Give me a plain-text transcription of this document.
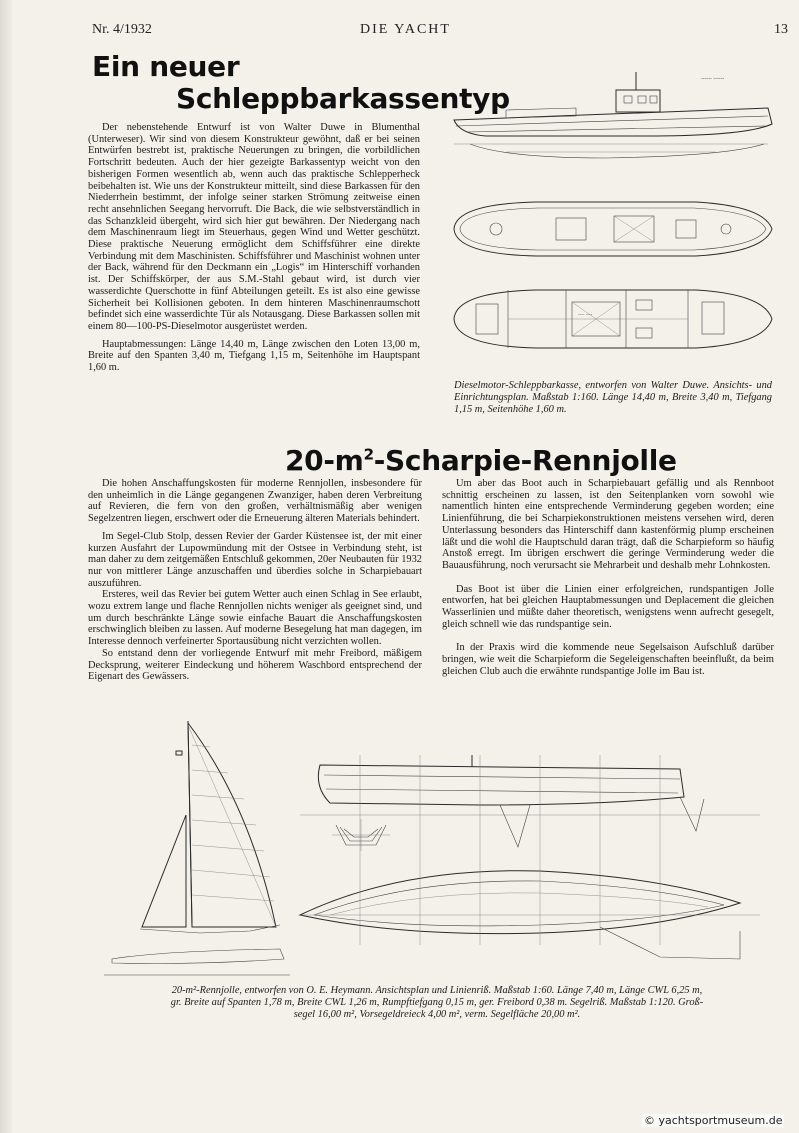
Nr. 4/1932	DIE YACHT	13
Ein neuer
Schleppbarkassentyp

Der nebenstehende Entwurf ist von Walter Duwe in Blumenthal (Unterweser). Wir sind von diesem Konstrukteur gewöhnt, daß er bei seinen Entwürfen bestrebt ist, praktische Neuerungen zu bringen, die vorbildlichen Fortschritt bedeuten. Auch der hier gezeigte Barkassentyp weicht von den bisherigen Formen wesentlich ab, wenn auch das praktische Schlepperheck beibehalten ist. Wie uns der Konstrukteur mitteilt, sind diese Barkassen für den Niederrhein bestimmt, der infolge seiner starken Strömung zeitweise einen recht ansehnlichen Seegang hervorruft. Die Back, die wie selbstverständlich in das Schanzkleid übergeht, wird sich hier gut bewähren. Der Niedergang nach dem Maschinenraum liegt im Steuerhaus, gegen Wind und Wetter geschützt. Diese praktische Neuerung ermöglicht dem Schiffsführer eine direkte Verbindung mit dem Maschinisten. Schiffsführer und Maschinist wohnen unter der Back, während für den Deckmann ein „Logis“ im Hinterschiff vorhanden ist. Der Schiffskörper, der aus S.M.-Stahl gebaut wird, ist durch vier wasserdichte Querschotte in fünf Abteilungen geteilt. Es ist also eine gewisse Sicherheit bei Kollisionen geboten. In dem hinteren Maschinenraumschott befindet sich eine wasserdichte Tür als Notausgang. Diese Barkassen sollen mit einem 80—100-PS-Dieselmotor ausgerüstet werden.

Hauptabmessungen: Länge 14,40 m, Länge zwischen den Loten 13,00 m, Breite auf den Spanten 3,40 m, Tiefgang 1,15 m, Seitenhöhe im Hauptspant 1,60 m.

------ ------
---- ----
Dieselmotor-Schleppbarkasse, entworfen von Walter Duwe. Ansichts- und Einrichtungsplan. Maßstab 1:160. Länge 14,40 m, Breite 3,40 m, Tiefgang 1,15 m, Seitenhöhe 1,60 m.
$20-m^2-Scharpie$-Rennjolle

Die hohen Anschaffungskosten für moderne Rennjollen, insbesondere für den unheimlich in die Länge gegangenen Zwanziger, haben deren Verbreitung auf Revieren, die fern von den großen, verhältnismäßig aber wenigen Segelzentren liegen, erschwert oder die Erneuerung älteren Materials behindert.

Im Segel-Club Stolp, dessen Revier der Garder Küstensee ist, der mit einer kurzen Ausfahrt der Lupowmündung mit der Ostsee in Verbindung steht, ist man daher zu dem zeitgemäßen Entschluß gekommen, 20er Neubauten für 1932 nur von mittlerer Länge anzuschaffen und überdies solche in Scharpiebauart auszuführen.

Ersteres, weil das Revier bei gutem Wetter auch einen Schlag in See erlaubt, wozu extrem lange und flache Rennjollen nichts weniger als geeignet sind, und um durch beschränkte Länge sowie einfache Bauart die Anschaffungskosten erschwinglich bleiben zu lassen. Auf moderne Besegelung hat man dagegen, im Interesse dennoch verfeinerter Sportausübung nicht verzichten wollen.

So entstand denn der vorliegende Entwurf mit mehr Freibord, mäßigem Decksprung, weiterer Eindeckung und höherem Waschbord entsprechend der Eigenart des Gewässers.

Um aber das Boot auch in Scharpiebauart gefällig und als Rennboot schnittig erscheinen zu lassen, ist den Seitenplanken vorn sowohl wie namentlich hinten eine entsprechende Verminderung gegeben worden; eine Linienführung, die bei Scharpiekonstruktionen meistens versehen wird, deren Unterlassung besonders das Hinterschiff dann kastenförmig plump erscheinen läßt und die wohl die Hauptschuld daran trägt, daß die Scharpieform so häufig Anstoß erregt. Im übrigen erschwert die geringe Verminderung weder die Bauausführung, noch verursacht sie Mehrarbeit und deshalb mehr Lohnkosten.

Das Boot ist über die Linien einer erfolgreichen, rundspantigen Jolle entworfen, hat bei gleichen Hauptabmessungen und Deplacement die gleichen Wasserlinien und müßte daher theoretisch, wenigstens wenn aufrecht gesegelt, gleich schnell wie das rundspantige sein.

In der Praxis wird die kommende neue Segelsaison Aufschluß darüber bringen, wie weit die Scharpieform die Segeleigenschaften beeinflußt, da beim gleichen Club auch die erwähnte rundspantige Jolle im Bau ist.

20-m²-Rennjolle, entworfen von O. E. Heymann. Ansichtsplan und Linienriß. Maßstab 1:60. Länge 7,40 m, Länge CWL 6,25 m,
gr. Breite auf Spanten 1,78 m, Breite CWL 1,26 m, Rumpftiefgang 0,15 m, ger. Freibord 0,38 m. Segelriß. Maßstab 1:120. Groß-
segel 16,00 m², Vorsegeldreieck 4,00 m², verm. Segelfläche 20,00 m².
© yachtsportmuseum.de
